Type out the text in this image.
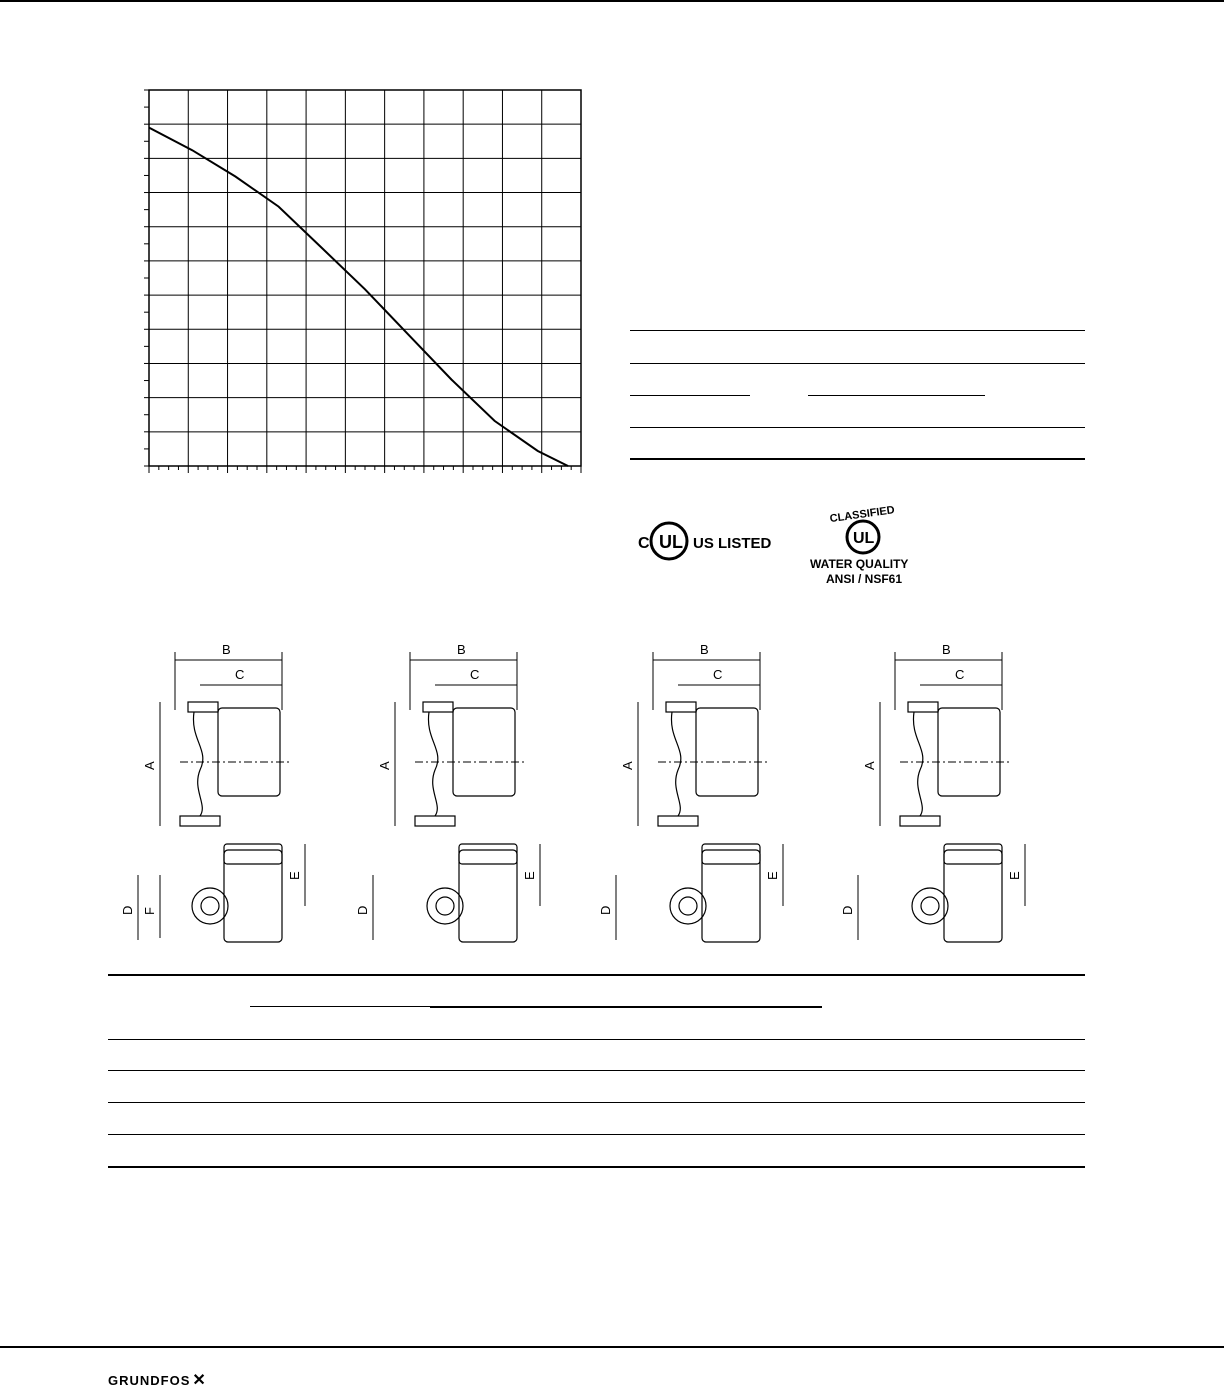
C UL US LISTED
CLASSIFIED
UL
WATER QUALITY
ANSI / NSF61
B
C
A
D
E
F
B
C
A
D
E
B
C
A
D
E
B
C
A
D
E
GRUNDFOS ✕
